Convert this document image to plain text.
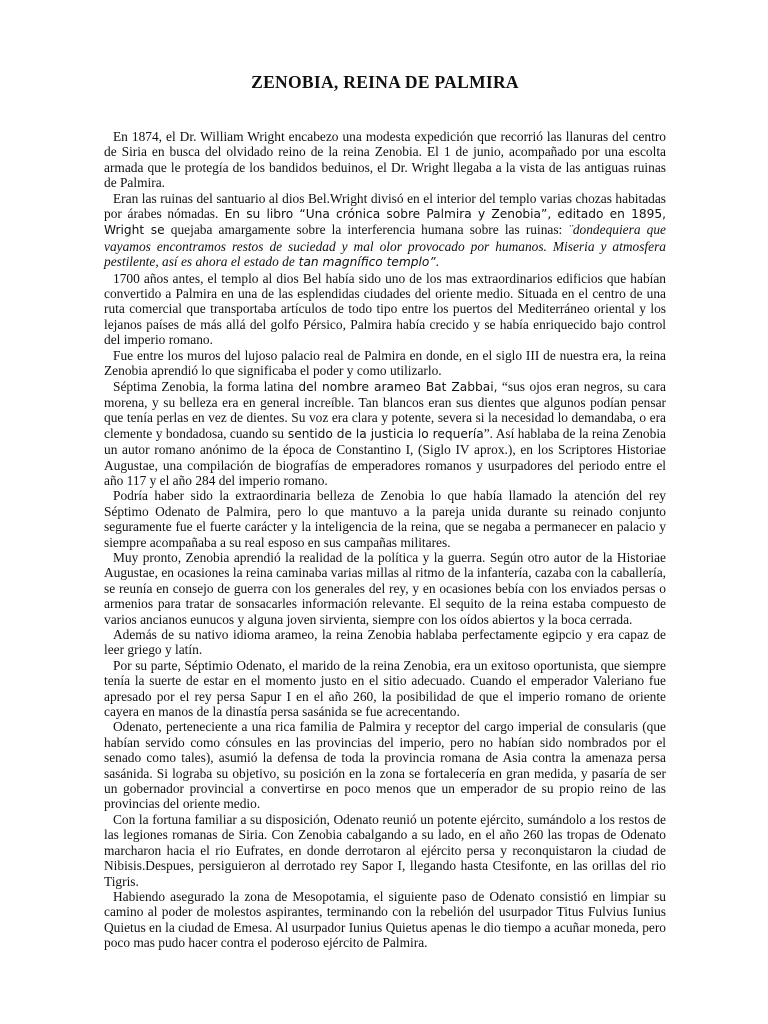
ZENOBIA, REINA DE PALMIRA

En 1874, el Dr. William Wright encabezo una modesta expedición que recorrió las llanuras del centro de Siria en busca del olvidado reino de la reina Zenobia. El 1 de junio, acompañado por una escolta armada que le protegía de los bandidos beduinos, el Dr. Wright llegaba a la vista de las antiguas ruinas de Palmira.

Eran las ruinas del santuario al dios Bel.Wright divisó en el interior del templo varias chozas habitadas por árabes nómadas. En su libro “Una crónica sobre Palmira y Zenobia”, editado en 1895, Wright se quejaba amargamente sobre la interferencia humana sobre las ruinas: ¨dondequiera que vayamos encontramos restos de suciedad y mal olor provocado por humanos. Miseria y atmosfera pestilente, así es ahora el estado de tan magnífico templo”.

1700 años antes, el templo al dios Bel había sido uno de los mas extraordinarios edificios que habían convertido a Palmira en una de las esplendidas ciudades del oriente medio. Situada en el centro de una ruta comercial que transportaba artículos de todo tipo entre los puertos del Mediterráneo oriental y los lejanos países de más allá del golfo Pérsico, Palmira había crecido y se había enriquecido bajo control del imperio romano.

Fue entre los muros del lujoso palacio real de Palmira en donde, en el siglo III de nuestra era, la reina Zenobia aprendió lo que significaba el poder y como utilizarlo.

Séptima Zenobia, la forma latina del nombre arameo Bat Zabbai, “sus ojos eran negros, su cara morena, y su belleza era en general increíble. Tan blancos eran sus dientes que algunos podían pensar que tenía perlas en vez de dientes. Su voz era clara y potente, severa si la necesidad lo demandaba, o era clemente y bondadosa, cuando su sentido de la justicia lo requería”. Así hablaba de la reina Zenobia un autor romano anónimo de la época de Constantino I, (Siglo IV aprox.), en los Scriptores Historiae Augustae, una compilación de biografías de emperadores romanos y usurpadores del periodo entre el año 117 y el año 284 del imperio romano.

Podría haber sido la extraordinaria belleza de Zenobia lo que había llamado la atención del rey Séptimo Odenato de Palmira, pero lo que mantuvo a la pareja unida durante su reinado conjunto seguramente fue el fuerte carácter y la inteligencia de la reina, que se negaba a permanecer en palacio y siempre acompañaba a su real esposo en sus campañas militares.

Muy pronto, Zenobia aprendió la realidad de la política y la guerra. Según otro autor de la Historiae Augustae, en ocasiones la reina caminaba varias millas al ritmo de la infantería, cazaba con la caballería, se reunía en consejo de guerra con los generales del rey, y en ocasiones bebía con los enviados persas o armenios para tratar de sonsacarles información relevante. El sequito de la reina estaba compuesto de varios ancianos eunucos y alguna joven sirvienta, siempre con los oídos abiertos y la boca cerrada.

Además de su nativo idioma arameo, la reina Zenobia hablaba perfectamente egipcio y era capaz de leer griego y latín.

Por su parte, Séptimio Odenato, el marido de la reina Zenobia, era un exitoso oportunista, que siempre tenía la suerte de estar en el momento justo en el sitio adecuado. Cuando el emperador Valeriano fue apresado por el rey persa Sapur I en el año 260, la posibilidad de que el imperio romano de oriente cayera en manos de la dinastía persa sasánida se fue acrecentando.

Odenato, perteneciente a una rica familia de Palmira y receptor del cargo imperial de consularis (que habían servido como cónsules en las provincias del imperio, pero no habían sido nombrados por el senado como tales), asumió la defensa de toda la provincia romana de Asia contra la amenaza persa sasánida. Si lograba su objetivo, su posición en la zona se fortalecería en gran medida, y pasaría de ser un gobernador provincial a convertirse en poco menos que un emperador de su propio reino de las provincias del oriente medio.

Con la fortuna familiar a su disposición, Odenato reunió un potente ejército, sumándolo a los restos de las legiones romanas de Siria. Con Zenobia cabalgando a su lado, en el año 260 las tropas de Odenato marcharon hacia el rio Eufrates, en donde derrotaron al ejército persa y reconquistaron la ciudad de Nibisis.Despues, persiguieron al derrotado rey Sapor I, llegando hasta Ctesifonte, en las orillas del rio Tigris.

Habiendo asegurado la zona de Mesopotamia, el siguiente paso de Odenato consistió en limpiar su camino al poder de molestos aspirantes, terminando con la rebelión del usurpador Titus Fulvius Iunius Quietus en la ciudad de Emesa. Al usurpador Iunius Quietus apenas le dio tiempo a acuñar moneda, pero poco mas pudo hacer contra el poderoso ejército de Palmira.
